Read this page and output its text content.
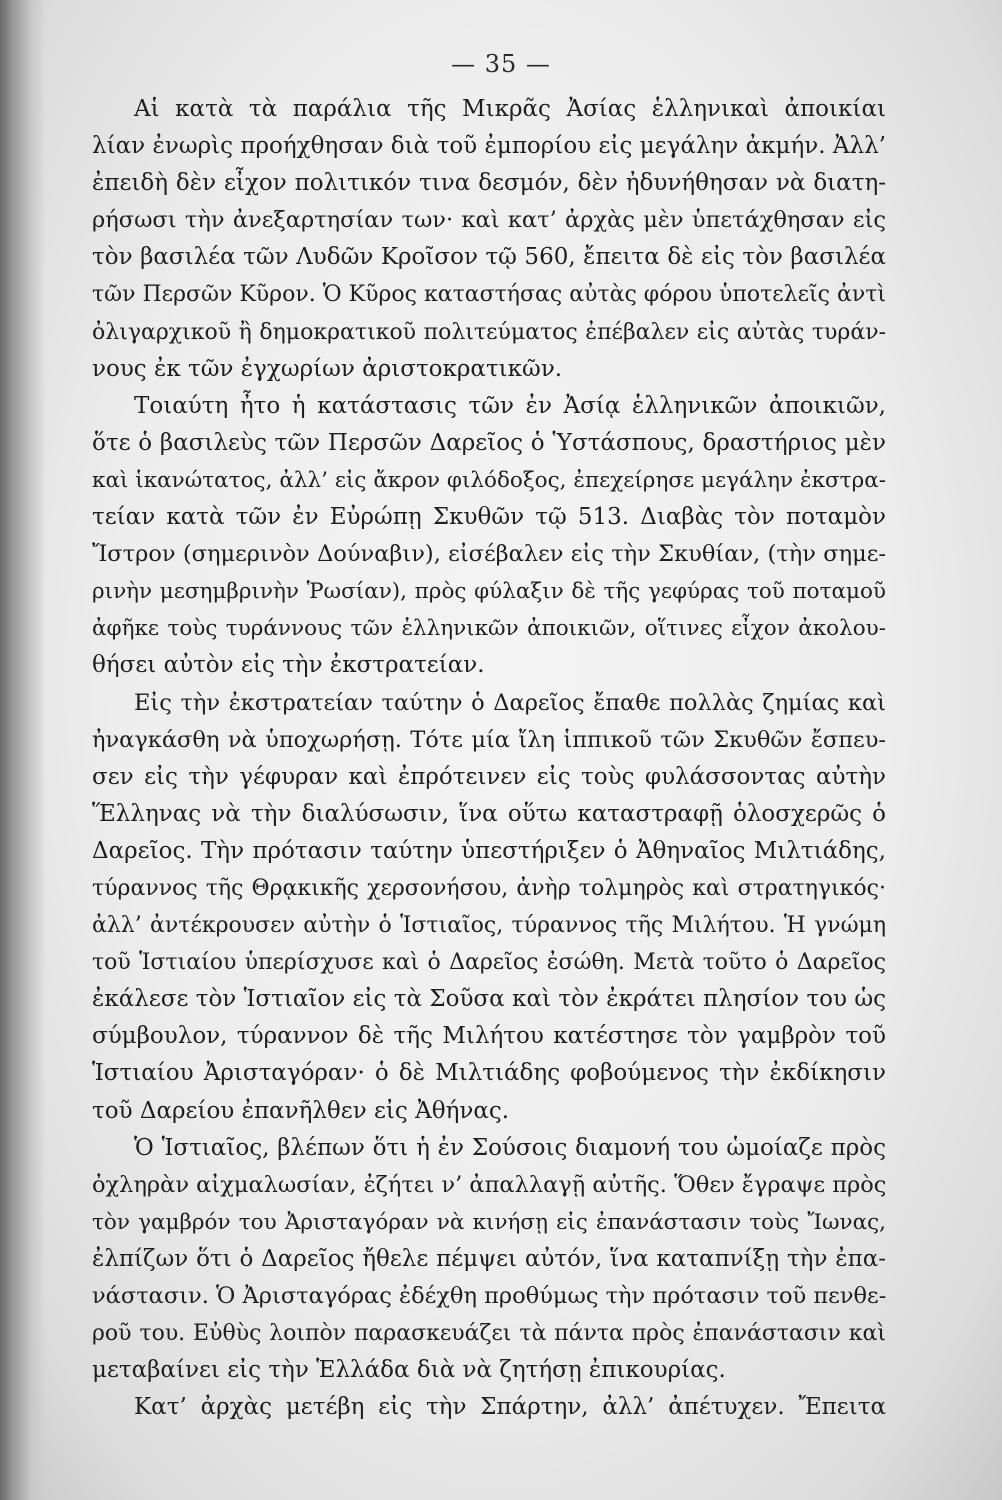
— 35 —
Αἱ κατὰ τὰ παράλια τῆς Μικρᾶς Ἀσίας ἑλληνικαὶ ἀποικίαι
λίαν ἐνωρὶς προήχθησαν διὰ τοῦ ἐμπορίου εἰς μεγάλην ἀκμήν. Ἀλλ’
ἐπειδὴ δὲν εἶχον πολιτικόν τινα δεσμόν, δὲν ἠδυνήθησαν νὰ διατη-
ρήσωσι τὴν ἀνεξαρτησίαν των· καὶ κατ’ ἀρχὰς μὲν ὑπετάχθησαν εἰς
τὸν βασιλέα τῶν Λυδῶν Κροῖσον τῷ 560, ἔπειτα δὲ εἰς τὸν βασιλέα
τῶν Περσῶν Κῦρον. Ὁ Κῦρος καταστήσας αὐτὰς φόρου ὑποτελεῖς ἀντὶ
ὀλιγαρχικοῦ ἢ δημοκρατικοῦ πολιτεύματος ἐπέβαλεν εἰς αὐτὰς τυράν-
νους ἐκ τῶν ἐγχωρίων ἀριστοκρατικῶν.
Τοιαύτη ἦτο ἡ κατάστασις τῶν ἐν Ἀσίᾳ ἑλληνικῶν ἀποικιῶν,
ὅτε ὁ βασιλεὺς τῶν Περσῶν Δαρεῖος ὁ Ὑστάσπους, δραστήριος μὲν
καὶ ἱκανώτατος, ἀλλ’ εἰς ἄκρον φιλόδοξος, ἐπεχείρησε μεγάλην ἐκστρα-
τείαν κατὰ τῶν ἐν Εὐρώπῃ Σκυθῶν τῷ 513. Διαβὰς τὸν ποταμὸν
Ἴστρον (σημερινὸν Δούναβιν), εἰσέβαλεν εἰς τὴν Σκυθίαν, (τὴν σημε-
ρινὴν μεσημβρινὴν Ῥωσίαν), πρὸς φύλαξιν δὲ τῆς γεφύρας τοῦ ποταμοῦ
ἀφῆκε τοὺς τυράννους τῶν ἑλληνικῶν ἀποικιῶν, οἵτινες εἶχον ἀκολου-
θήσει αὐτὸν εἰς τὴν ἐκστρατείαν.
Εἰς τὴν ἐκστρατείαν ταύτην ὁ Δαρεῖος ἔπαθε πολλὰς ζημίας καὶ
ἠναγκάσθη νὰ ὑποχωρήσῃ. Τότε μία ἴλη ἱππικοῦ τῶν Σκυθῶν ἔσπευ-
σεν εἰς τὴν γέφυραν καὶ ἐπρότεινεν εἰς τοὺς φυλάσσοντας αὐτὴν
Ἕλληνας νὰ τὴν διαλύσωσιν, ἵνα οὕτω καταστραφῇ ὁλοσχερῶς ὁ
Δαρεῖος. Τὴν πρότασιν ταύτην ὑπεστήριξεν ὁ Ἀθηναῖος Μιλτιάδης,
τύραννος τῆς Θρᾳκικῆς χερσονήσου, ἀνὴρ τολμηρὸς καὶ στρατηγικός·
ἀλλ’ ἀντέκρουσεν αὐτὴν ὁ Ἱστιαῖος, τύραννος τῆς Μιλήτου. Ἡ γνώμη
τοῦ Ἱστιαίου ὑπερίσχυσε καὶ ὁ Δαρεῖος ἐσώθη. Μετὰ τοῦτο ὁ Δαρεῖος
ἐκάλεσε τὸν Ἱστιαῖον εἰς τὰ Σοῦσα καὶ τὸν ἐκράτει πλησίον του ὡς
σύμβουλον, τύραννον δὲ τῆς Μιλήτου κατέστησε τὸν γαμβρὸν τοῦ
Ἱστιαίου Ἀρισταγόραν· ὁ δὲ Μιλτιάδης φοβούμενος τὴν ἐκδίκησιν
τοῦ Δαρείου ἐπανῆλθεν εἰς Ἀθήνας.
Ὁ Ἱστιαῖος, βλέπων ὅτι ἡ ἐν Σούσοις διαμονή του ὡμοίαζε πρὸς
ὀχληρὰν αἰχμαλωσίαν, ἐζήτει ν’ ἀπαλλαγῇ αὐτῆς. Ὅθεν ἔγραψε πρὸς
τὸν γαμβρόν του Ἀρισταγόραν νὰ κινήσῃ εἰς ἐπανάστασιν τοὺς Ἴωνας,
ἐλπίζων ὅτι ὁ Δαρεῖος ἤθελε πέμψει αὐτόν, ἵνα καταπνίξῃ τὴν ἐπα-
νάστασιν. Ὁ Ἀρισταγόρας ἐδέχθη προθύμως τὴν πρότασιν τοῦ πενθε-
ροῦ του. Εὐθὺς λοιπὸν παρασκευάζει τὰ πάντα πρὸς ἐπανάστασιν καὶ
μεταβαίνει εἰς τὴν Ἑλλάδα διὰ νὰ ζητήσῃ ἐπικουρίας.
Κατ’ ἀρχὰς μετέβη εἰς τὴν Σπάρτην, ἀλλ’ ἀπέτυχεν. Ἔπειτα
